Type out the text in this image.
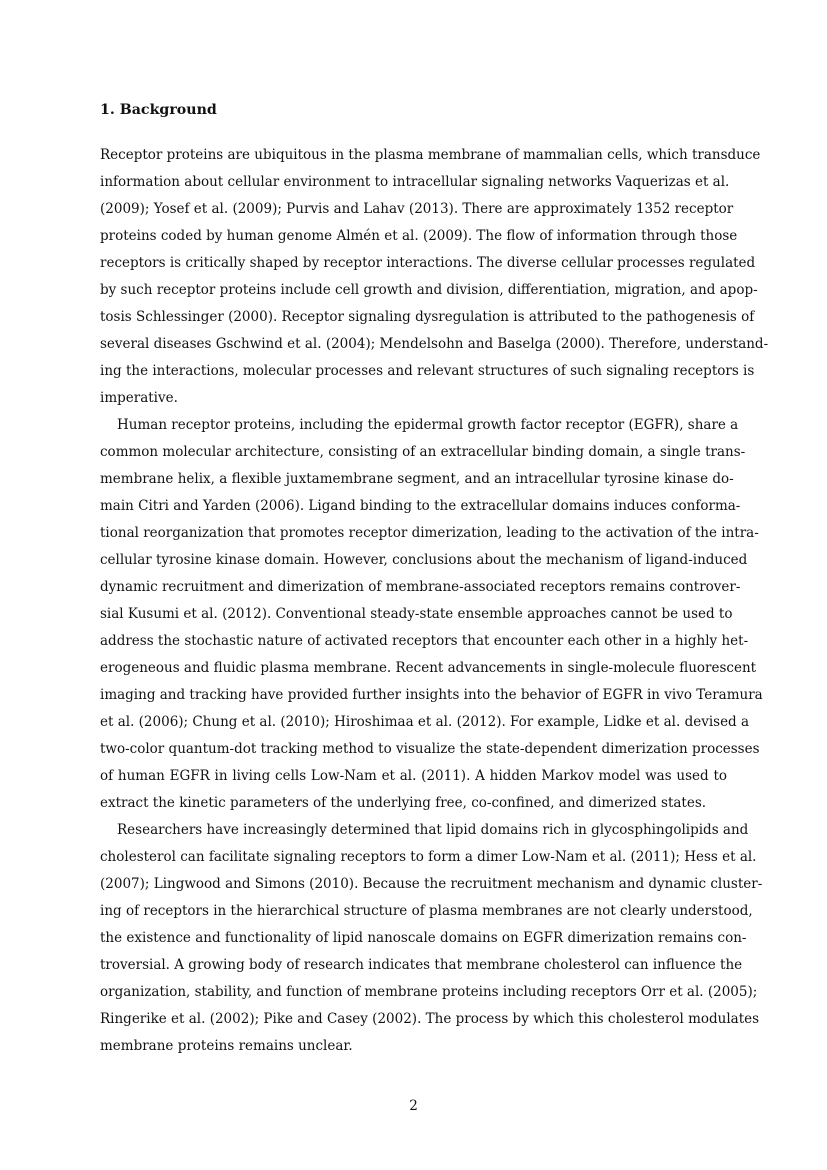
1. Background
Receptor proteins are ubiquitous in the plasma membrane of mammalian cells, which transduce
information about cellular environment to intracellular signaling networks Vaquerizas et al.
(2009); Yosef et al. (2009); Purvis and Lahav (2013). There are approximately 1352 receptor
proteins coded by human genome Almén et al. (2009). The flow of information through those
receptors is critically shaped by receptor interactions. The diverse cellular processes regulated
by such receptor proteins include cell growth and division, differentiation, migration, and apop-
tosis Schlessinger (2000). Receptor signaling dysregulation is attributed to the pathogenesis of
several diseases Gschwind et al. (2004); Mendelsohn and Baselga (2000). Therefore, understand-
ing the interactions, molecular processes and relevant structures of such signaling receptors is
imperative.
Human receptor proteins, including the epidermal growth factor receptor (EGFR), share a
common molecular architecture, consisting of an extracellular binding domain, a single trans-
membrane helix, a flexible juxtamembrane segment, and an intracellular tyrosine kinase do-
main Citri and Yarden (2006). Ligand binding to the extracellular domains induces conforma-
tional reorganization that promotes receptor dimerization, leading to the activation of the intra-
cellular tyrosine kinase domain. However, conclusions about the mechanism of ligand-induced
dynamic recruitment and dimerization of membrane-associated receptors remains controver-
sial Kusumi et al. (2012). Conventional steady-state ensemble approaches cannot be used to
address the stochastic nature of activated receptors that encounter each other in a highly het-
erogeneous and fluidic plasma membrane. Recent advancements in single-molecule fluorescent
imaging and tracking have provided further insights into the behavior of EGFR in vivo Teramura
et al. (2006); Chung et al. (2010); Hiroshimaa et al. (2012). For example, Lidke et al. devised a
two-color quantum-dot tracking method to visualize the state-dependent dimerization processes
of human EGFR in living cells Low-Nam et al. (2011). A hidden Markov model was used to
extract the kinetic parameters of the underlying free, co-confined, and dimerized states.
Researchers have increasingly determined that lipid domains rich in glycosphingolipids and
cholesterol can facilitate signaling receptors to form a dimer Low-Nam et al. (2011); Hess et al.
(2007); Lingwood and Simons (2010). Because the recruitment mechanism and dynamic cluster-
ing of receptors in the hierarchical structure of plasma membranes are not clearly understood,
the existence and functionality of lipid nanoscale domains on EGFR dimerization remains con-
troversial. A growing body of research indicates that membrane cholesterol can influence the
organization, stability, and function of membrane proteins including receptors Orr et al. (2005);
Ringerike et al. (2002); Pike and Casey (2002). The process by which this cholesterol modulates
membrane proteins remains unclear.
2
